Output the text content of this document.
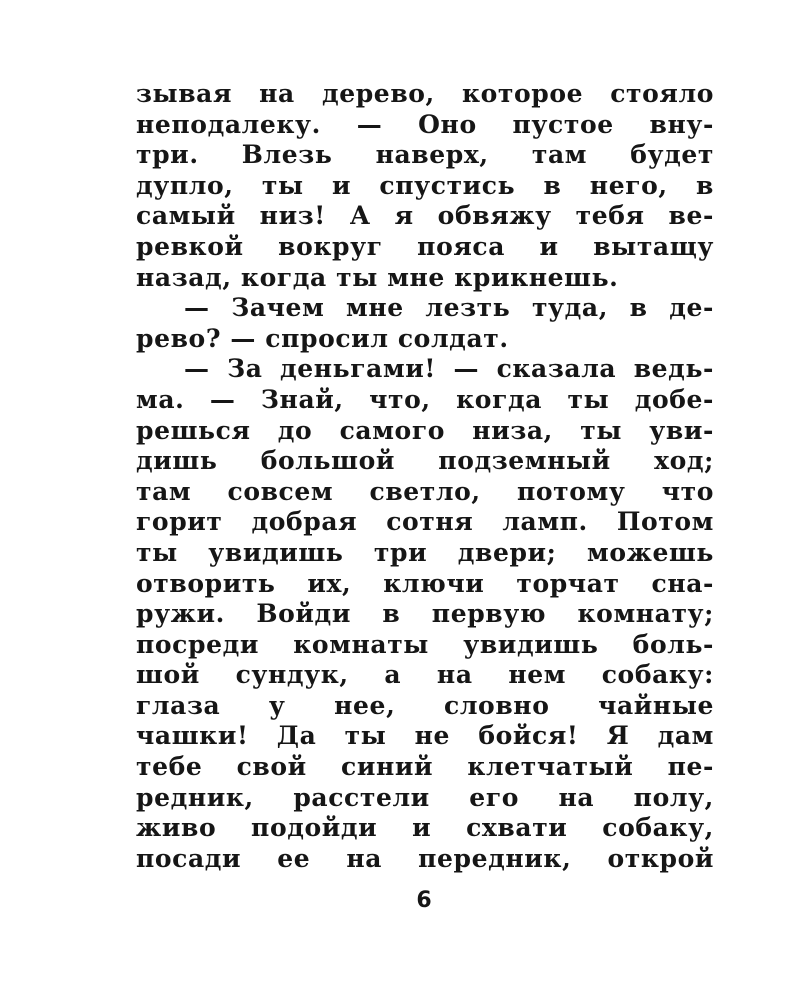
зывая на дерево, которое стояло
неподалеку. — Оно пустое вну-
три. Влезь наверх, там будет
дупло, ты и спустись в него, в
самый низ! А я обвяжу тебя ве-
ревкой вокруг пояса и вытащу
назад, когда ты мне крикнешь.
— Зачем мне лезть туда, в де-
рево? — спросил солдат.
— За деньгами! — сказала ведь-
ма. — Знай, что, когда ты добе-
решься до самого низа, ты уви-
дишь большой подземный ход;
там совсем светло, потому что
горит добрая сотня ламп. Потом
ты увидишь три двери; можешь
отворить их, ключи торчат сна-
ружи. Войди в первую комнату;
посреди комнаты увидишь боль-
шой сундук, а на нем собаку:
глаза у нее, словно чайные
чашки! Да ты не бойся! Я дам
тебе свой синий клетчатый пе-
редник, расстели его на полу,
живо подойди и схвати собаку,
посади ее на передник, открой
6
